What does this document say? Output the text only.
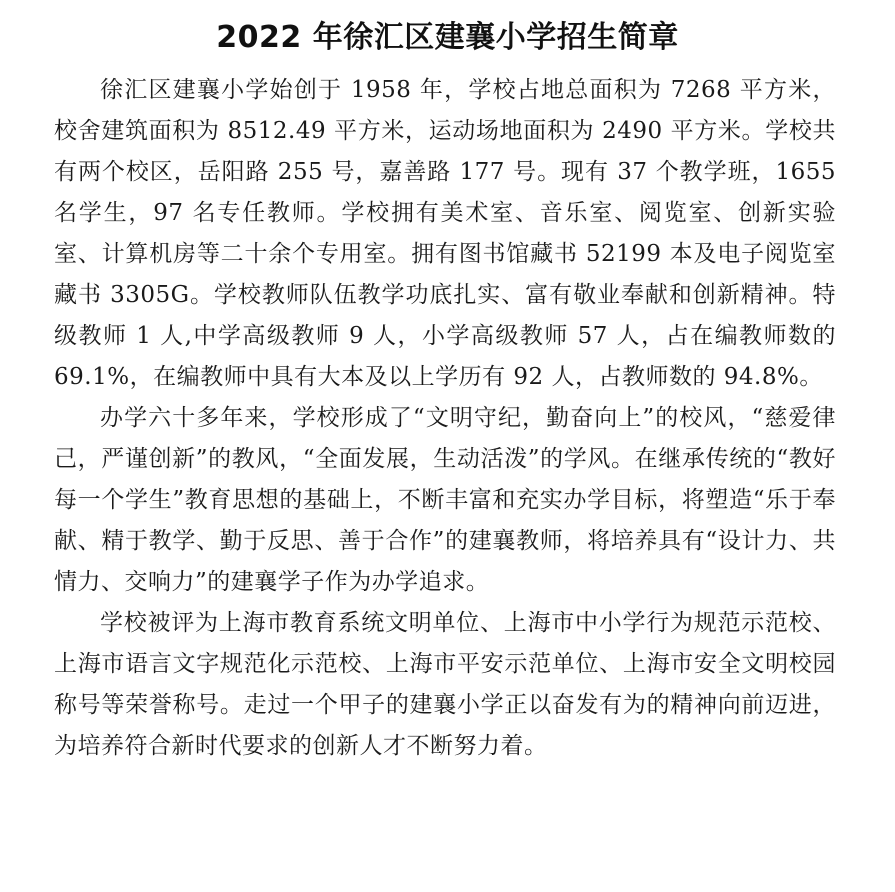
2022 年徐汇区建襄小学招生简章

徐汇区建襄小学始创于 1958 年，学校占地总面积为 7268 平方米，校舍建筑面积为 8512.49 平方米，运动场地面积为 2490 平方米。学校共有两个校区，岳阳路 255 号，嘉善路 177 号。现有 37 个教学班，1655 名学生，97 名专任教师。学校拥有美术室、音乐室、阅览室、创新实验室、计算机房等二十余个专用室。拥有图书馆藏书 52199 本及电子阅览室藏书 3305G。学校教师队伍教学功底扎实、富有敬业奉献和创新精神。特级教师 1 人,中学高级教师 9 人，小学高级教师 57 人，占在编教师数的 69.1%，在编教师中具有大本及以上学历有 92 人，占教师数的 94.8%。

办学六十多年来，学校形成了“文明守纪，勤奋向上”的校风，“慈爱律己，严谨创新”的教风，“全面发展，生动活泼”的学风。在继承传统的“教好每一个学生”教育思想的基础上，不断丰富和充实办学目标，将塑造“乐于奉献、精于教学、勤于反思、善于合作”的建襄教师，将培养具有“设计力、共情力、交响力”的建襄学子作为办学追求。

学校被评为上海市教育系统文明单位、上海市中小学行为规范示范校、上海市语言文字规范化示范校、上海市平安示范单位、上海市安全文明校园称号等荣誉称号。走过一个甲子的建襄小学正以奋发有为的精神向前迈进，为培养符合新时代要求的创新人才不断努力着。
